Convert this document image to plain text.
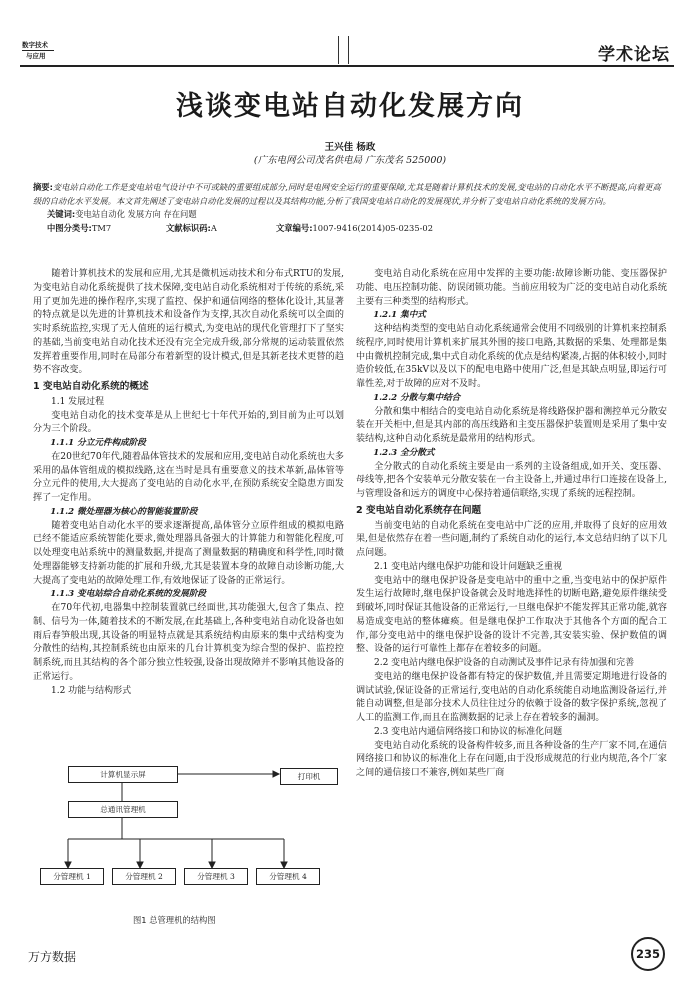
数字技术
与应用	学术论坛
浅谈变电站自动化发展方向
王兴佳 杨政
(广东电网公司茂名供电局 广东茂名 525000)
摘要:变电站自动化工作是变电站电气设计中不可或缺的重要组成部分,同时是电网安全运行的重要保障,尤其是随着计算机技术的发展,变电站的自动化水平不断提高,向着更高级的自动化水平发展。本文首先阐述了变电站自动化发展的过程以及其结构功能,分析了我国变电站自动化的发展现状,并分析了变电站自动化系统的发展方向。
关键词:变电站自动化 发展方向 存在问题
中图分类号:TM7	文献标识码:A	文章编号:1007-9416(2014)05-0235-02

随着计算机技术的发展和应用,尤其是微机远动技术和分布式RTU的发展,为变电站自动化系统提供了技术保障,变电站自动化系统相对于传统的系统,采用了更加先进的操作程序,实现了监控、保护和通信网络的整体化设计,其显著的特点就是以先进的计算机技术和设备作为支撑,其次自动化系统可以全面的实时系统监控,实现了无人值班的运行模式,为变电站的现代化管理打下了坚实的基础,当前变电站自动化技术还没有完全完成升级,部分常规的运动装置依然发挥着重要作用,同时在局部分布着新型的设计模式,但是其新老技术更替的趋势不容改变。

1 变电站自动化系统的概述
1.1 发展过程

变电站自动化的技术变革是从上世纪七十年代开始的,到目前为止可以划分为三个阶段。

1.1.1 分立元件构成阶段

在20世纪70年代,随着晶体管技术的发展和应用,变电站自动化系统也大多采用的晶体管组成的模拟线路,这在当时是具有重要意义的技术革新,晶体管等分立元件的使用,大大提高了变电站的自动化水平,在预防系统安全隐患方面发挥了一定作用。

1.1.2 微处理器为核心的智能装置阶段

随着变电站自动化水平的要求逐渐提高,晶体管分立原件组成的模拟电路已经不能适应系统智能化要求,微处理器具备强大的计算能力和智能化程度,可以处理变电站系统中的测量数据,并提高了测量数据的精确度和科学性,同时微处理器能够支持新功能的扩展和升级,尤其是装置本身的故障自动诊断功能,大大提高了变电站的故障处理工作,有效地保证了设备的正常运行。

1.1.3 变电站综合自动化系统的发展阶段

在70年代初,电器集中控制装置就已经面世,其功能强大,包含了集点、控制、信号为一体,随着技术的不断发展,在此基础上,各种变电站自动化设备也如雨后春笋般出现,其设备的明显特点就是其系统结构由原来的集中式结构变为分散性的结构,其控制系统也由原来的几台计算机变为综合型的保护、监控控制系统,而且其结构的各个部分独立性较强,设备出现故障并不影响其他设备的正常运行。

1.2 功能与结构形式
计算机显示屏	打印机
总通讯管理机
分管理机 1	分管理机 2	分管理机 3	分管理机 4
图1 总管理机的结构图

变电站自动化系统在应用中发挥的主要功能:故障诊断功能、变压器保护功能、电压控制功能、防误闭锁功能。当前应用较为广泛的变电站自动化系统主要有三种类型的结构形式。

1.2.1 集中式

这种结构类型的变电站自动化系统通常会使用不同级别的计算机来控制系统程序,同时使用计算机来扩展其外围的接口电路,其数据的采集、处理都是集中由微机控制完成,集中式自动化系统的优点是结构紧凑,占据的体积较小,同时造价较低,在35kV以及以下的配电电路中使用广泛,但是其缺点明显,即运行可靠性差,对于故障的应对不及时。

1.2.2 分散与集中结合

分散和集中相结合的变电站自动化系统是将线路保护器和测控单元分散安装在开关柜中,但是其内部的高压线路和主变压器保护装置则是采用了集中安装结构,这种自动化系统是最常用的结构形式。

1.2.3 全分散式

全分散式的自动化系统主要是由一系列的主设备组成,如开关、变压器、母线等,把各个安装单元分散安装在一台主设备上,并通过串行口连接在设备上,与管理设备和远方的调度中心保持着通信联络,实现了系统的远程控制。

2 变电站自动化系统存在问题

当前变电站的自动化系统在变电站中广泛的应用,并取得了良好的应用效果,但是依然存在着一些问题,制约了系统自动化的运行,本文总结归纳了以下几点问题。

2.1 变电站内继电保护功能和设计问题缺乏重视

变电站中的继电保护设备是变电站中的重中之重,当变电站中的保护原件发生运行故障时,继电保护设备就会及时地选择性的切断电路,避免原件继续受到破坏,同时保证其他设备的正常运行,一旦继电保护不能发挥其正常功能,就容易造成变电站的整体瘫痪。但是继电保护工作取决于其他各个方面的配合工作,部分变电站中的继电保护设备的设计不完善,其安装实验、保护数值的调整、设备的运行可靠性上都存在着较多的问题。

2.2 变电站内继电保护设备的自动测试及事件记录有待加强和完善

变电站的继电保护设备都有特定的保护数值,并且需要定期地进行设备的调试试验,保证设备的正常运行,变电站的自动化系统能自动地监测设备运行,并能自动调整,但是部分技术人员往往过分的依赖于设备的数字保护系统,忽视了人工的监测工作,而且在监测数据的记录上存在着较多的漏洞。

2.3 变电站内通信网络接口和协议的标准化问题

变电站自动化系统的设备构件较多,而且各种设备的生产厂家不同,在通信网络接口和协议的标准化上存在问题,由于没形成规范的行业内规范,各个厂家之间的通信接口不兼容,例如某些厂商

万方数据	235
